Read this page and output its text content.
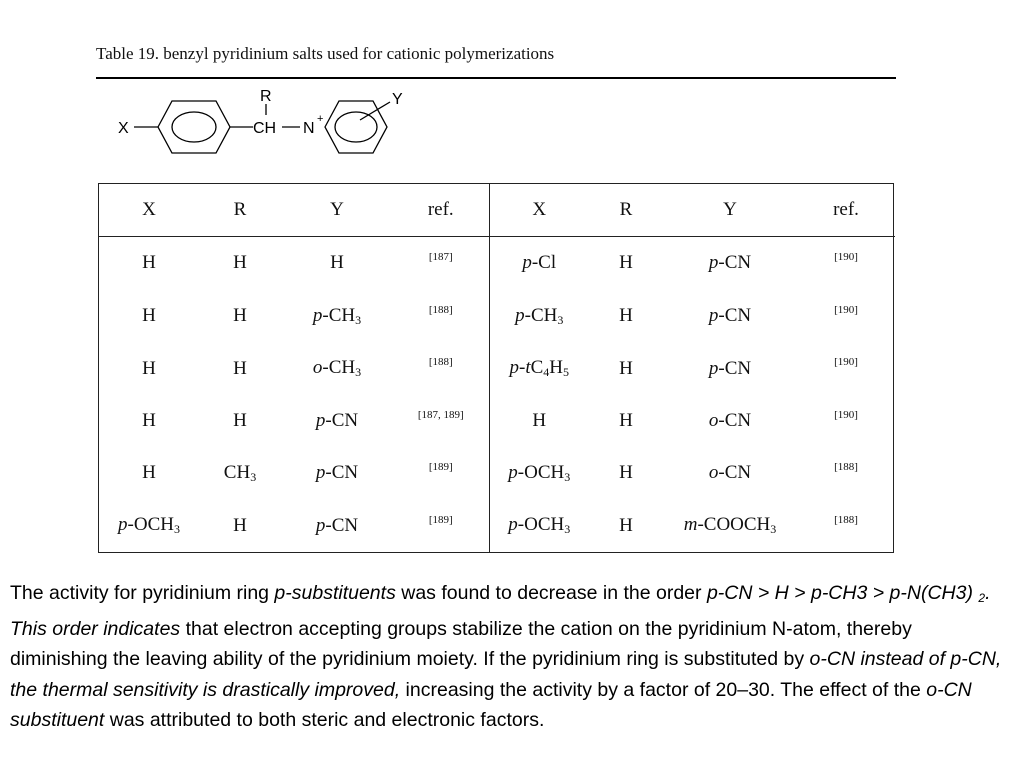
Table 19. benzyl pyridinium salts used for cationic polymerizations
X
R
CH N
+
Y
X	R	Y	ref.	X	R	Y	ref.
H	H	H	[187]	p-Cl	H	p-CN	[190]
H	H	$p-CH_3$	[188]	$p-CH_3$	H	p-CN	[190]
H	H	$o-CH_3$	[188]	$p-tC_4H_5$	H	p-CN	[190]
H	H	p-CN	[187, 189]	H	H	o-CN	[190]
H	$CH_3$	p-CN	[189]	$p-OCH_3$	H	o-CN	[188]
$p-OCH_3$	H	p-CN	[189]	$p-OCH_3$	H	$m-COOCH_3$	[188]
The activity for pyridinium ring p-substituents was found to decrease in the order p-CN > H > p-CH3 > p-N(CH3) $_2$. This order indicates that electron accepting groups stabilize the cation on the pyridinium N-atom, thereby diminishing the leaving ability of the pyridinium moiety. If the pyridinium ring is substituted by o-CN instead of p-CN, the thermal sensitivity is drastically improved, increasing the activity by a factor of 20–30. The effect of the o-CN substituent was attributed to both steric and electronic factors.
